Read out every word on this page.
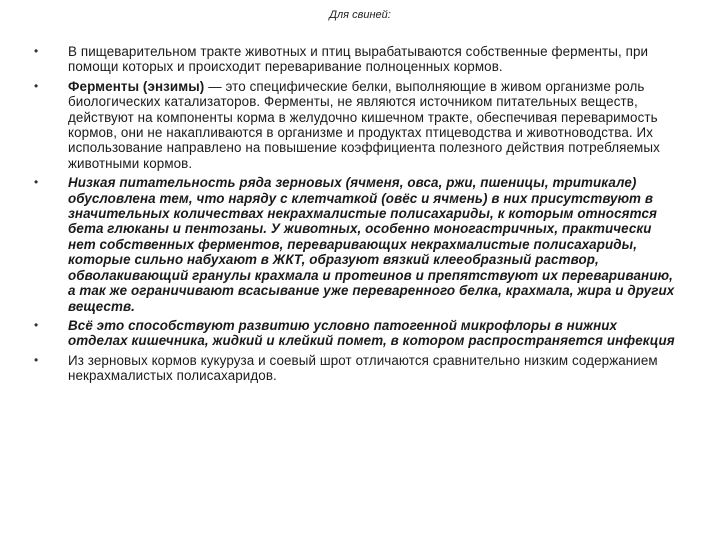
Для свиней:
• В пищеварительном тракте животных и птиц вырабатываются собственные ферменты, при помощи которых и происходит переваривание полноценных кормов.
• Ферменты (энзимы) — это специфические белки, выполняющие в живом организме роль биологических катализаторов. Ферменты, не являются источником питательных веществ, действуют на компоненты корма в желудочно кишечном тракте, обеспечивая переваримость кормов, они не накапливаются в организме и продуктах птицеводства и животноводства. Их использование направлено на повышение коэффициента полезного действия потребляемых животными кормов.
• Низкая питательность ряда зерновых (ячменя, овса, ржи, пшеницы, тритикале) обусловлена тем, что наряду с клетчаткой (овёс и ячмень) в них присутствуют в значительных количествах некрахмалистые полисахариды, к которым относятся бета глюканы и пентозаны. У животных, особенно моногастричных, практически нет собственных ферментов, переваривающих некрахмалистые полисахариды, которые сильно набухают в ЖКТ, образуют вязкий клееобразный раствор, обволакивающий гранулы крахмала и протеинов и препятствуют их перевариванию, а так же ограничивают всасывание уже переваренного белка, крахмала, жира и других веществ.
• Всё это способствуют развитию условно патогенной микрофлоры в нижних отделах кишечника, жидкий и клейкий помет, в котором распространяется инфекция
• Из зерновых кормов кукуруза и соевый шрот отличаются сравнительно низким содержанием некрахмалистых полисахаридов.
